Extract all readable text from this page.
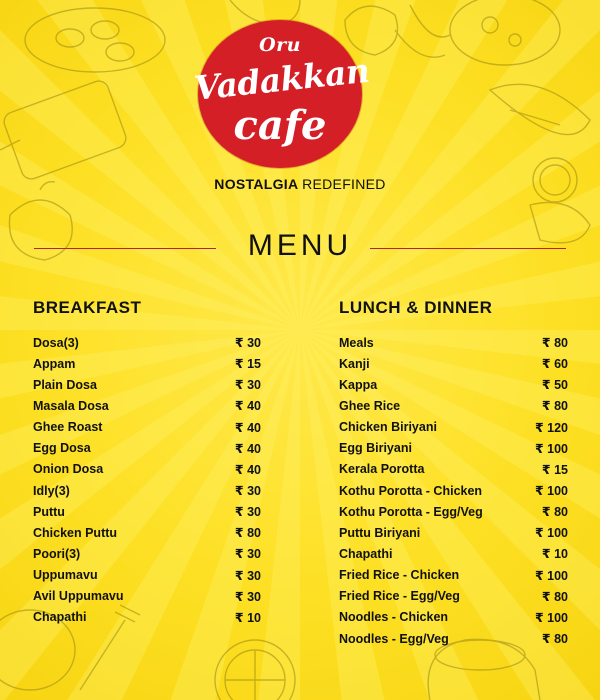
Oru
Vadakkan
cafe
NOSTALGIA REDEFINED
MENU
BREAKFAST
Dosa(3)	₹ 30
Appam	₹ 15
Plain Dosa	₹ 30
Masala Dosa	₹ 40
Ghee Roast	₹ 40
Egg Dosa	₹ 40
Onion Dosa	₹ 40
Idly(3)	₹ 30
Puttu	₹ 30
Chicken Puttu	₹ 80
Poori(3)	₹ 30
Uppumavu	₹ 30
Avil Uppumavu	₹ 30
Chapathi	₹ 10
LUNCH & DINNER
Meals	₹ 80
Kanji	₹ 60
Kappa	₹ 50
Ghee Rice	₹ 80
Chicken Biriyani	₹ 120
Egg Biriyani	₹ 100
Kerala Porotta	₹ 15
Kothu Porotta - Chicken	₹ 100
Kothu Porotta - Egg/Veg	₹ 80
Puttu Biriyani	₹ 100
Chapathi	₹ 10
Fried Rice - Chicken	₹ 100
Fried Rice - Egg/Veg	₹ 80
Noodles - Chicken	₹ 100
Noodles - Egg/Veg	₹ 80
